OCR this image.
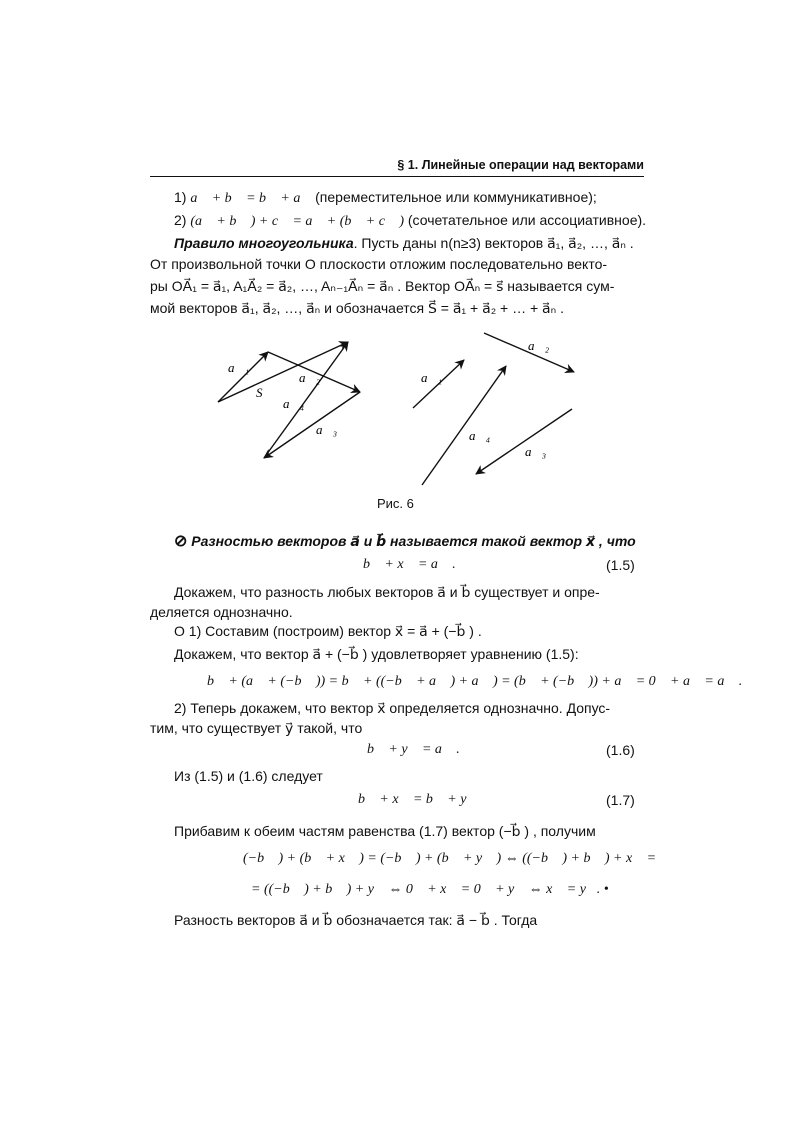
§ 1. Линейные операции над векторами
1) a⃗ + b⃗ = b⃗ + a⃗ (переместительное или коммуникативное);
2) (a⃗ + b⃗ ) + c⃗ = a⃗ + (b⃗ + c⃗ ) (сочетательное или ассоциативное).
Правило многоугольника. Пусть даны n(n≥3) векторов a⃗₁, a⃗₂, …, a⃗ₙ .
От произвольной точки О плоскости отложим последовательно векто-
ры OA⃗₁ = a⃗₁, A₁A⃗₂ = a⃗₂, …, Aₙ₋₁A⃗ₙ = a⃗ₙ . Вектор OA⃗ₙ = s⃗ называется сум-
мой векторов a⃗₁, a⃗₂, …, a⃗ₙ и обозначается S⃗ = a⃗₁ + a⃗₂ + … + a⃗ₙ .
a⃗₁
S⃗
a⃗₂
a⃗₄
a⃗₃
a⃗₁
a⃗₂
a⃗₄
a⃗₃
Рис. 6
⊘ Разностью векторов a⃗ и b⃗ называется такой вектор x⃗ , что
b⃗ + x⃗ = a⃗ .	(1.5)
Докажем, что разность любых векторов a⃗ и b⃗ существует и опре-
деляется однозначно.
О 1) Составим (построим) вектор x⃗ = a⃗ + (−b⃗ ) .
Докажем, что вектор a⃗ + (−b⃗ ) удовлетворяет уравнению (1.5):
b⃗ + (a⃗ + (−b⃗ )) = b⃗ + ((−b⃗ + a⃗ ) + a⃗ ) = (b⃗ + (−b⃗ )) + a⃗ = 0⃗ + a⃗ = a⃗ .
2) Теперь докажем, что вектор x⃗ определяется однозначно. Допус-
тим, что существует y⃗ такой, что
b⃗ + y⃗ = a⃗ .	(1.6)
Из (1.5) и (1.6) следует
b⃗ + x⃗ = b⃗ + y⃗	(1.7)
Прибавим к обеим частям равенства (1.7) вектор (−b⃗ ) , получим
(−b⃗ ) + (b⃗ + x⃗ ) = (−b⃗ ) + (b⃗ + y⃗ ) ⇔ ((−b⃗ ) + b⃗ ) + x⃗ =
= ((−b⃗ ) + b⃗ ) + y⃗ ⇔ 0⃗ + x⃗ = 0⃗ + y⃗ ⇔ x⃗ = y⃗. •
Разность векторов a⃗ и b⃗ обозначается так: a⃗ − b⃗ . Тогда
